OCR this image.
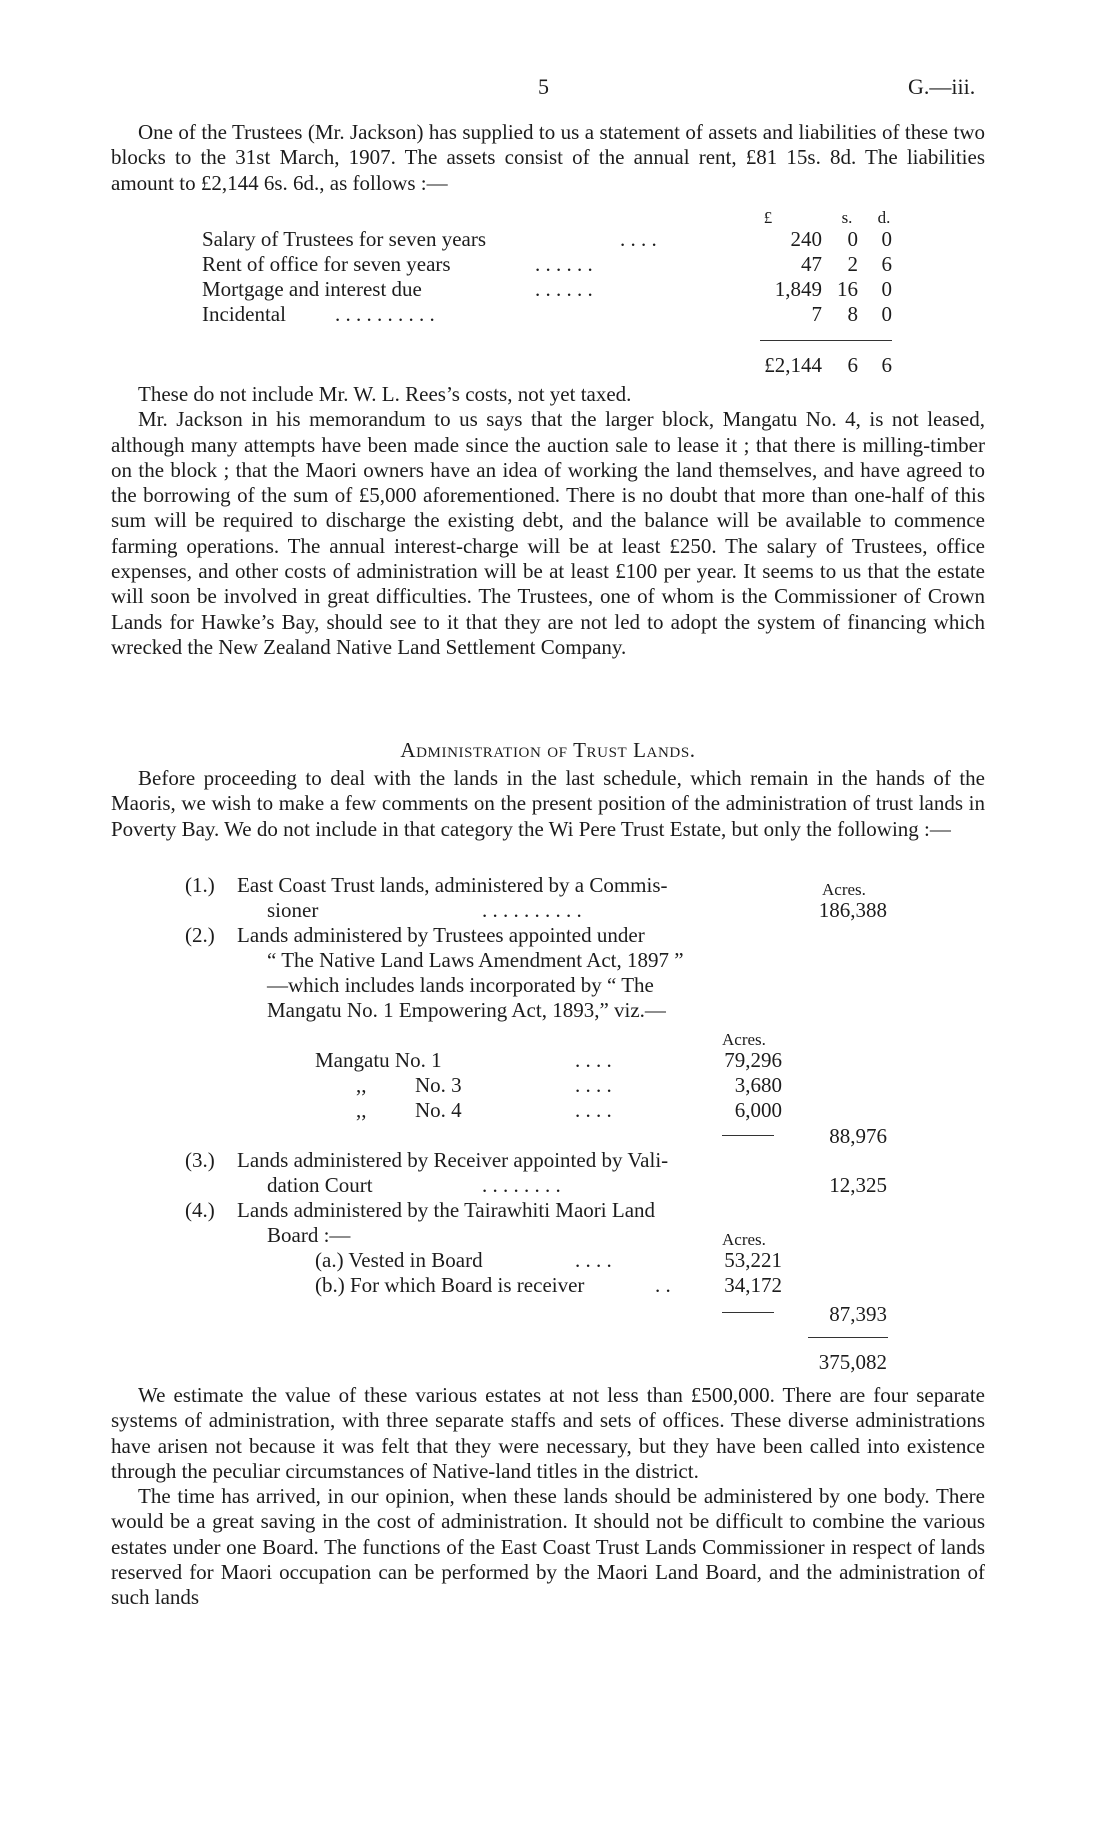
5	G.—iii.

One of the Trustees (Mr. Jackson) has supplied to us a statement of assets and liabilities of these two blocks to the 31st March, 1907. The assets consist of the annual rent, £81 15s. 8d. The liabilities amount to £2,144 6s. 6d., as follows :—

£	s.	d.
Salary of Trustees for seven years	. . . .	240	0	0
Rent of office for seven years	. . . . . .	47	2	6
Mortgage and interest due	. . . . . .	1,849 16	0
Incidental . . . . . . . . . .	7	8	0
£2,144	6	6

These do not include Mr. W. L. Rees’s costs, not yet taxed.

Mr. Jackson in his memorandum to us says that the larger block, Mangatu No. 4, is not leased, although many attempts have been made since the auction sale to lease it ; that there is milling-timber on the block ; that the Maori owners have an idea of working the land themselves, and have agreed to the borrowing of the sum of £5,000 aforementioned. There is no doubt that more than one-half of this sum will be required to discharge the existing debt, and the balance will be available to commence farming operations. The annual interest-charge will be at least £250. The salary of Trustees, office expenses, and other costs of administration will be at least £100 per year. It seems to us that the estate will soon be involved in great difficulties. The Trustees, one of whom is the Commissioner of Crown Lands for Hawke’s Bay, should see to it that they are not led to adopt the system of financing which wrecked the New Zealand Native Land Settlement Company.

Administration of Trust Lands.

Before proceeding to deal with the lands in the last schedule, which remain in the hands of the Maoris, we wish to make a few comments on the present position of the administration of trust lands in Poverty Bay. We do not include in that category the Wi Pere Trust Estate, but only the following :—

Acres.
(1.) East Coast Trust lands, administered by a Commis-
sioner	. . . . . . . . . .	186,388
(2.) Lands administered by Trustees appointed under
“ The Native Land Laws Amendment Act, 1897 ”
—which includes lands incorporated by “ The
Mangatu No. 1 Empowering Act, 1893,” viz.—
Acres.
Mangatu No. 1	. . . .	79,296
,, No. 3	. . . .	3,680
,, No. 4	. . . .	6,000
88,976
(3.) Lands administered by Receiver appointed by Vali-
dation Court	. . . . . . . .	12,325
(4.) Lands administered by the Tairawhiti Maori Land
Board :—	Acres.
(a.) Vested in Board	. . . .	53,221
(b.) For which Board is receiver	. .	34,172
87,393
375,082

We estimate the value of these various estates at not less than £500,000. There are four separate systems of administration, with three separate staffs and sets of offices. These diverse administrations have arisen not because it was felt that they were necessary, but they have been called into existence through the peculiar circumstances of Native-land titles in the district.

The time has arrived, in our opinion, when these lands should be administered by one body. There would be a great saving in the cost of administration. It should not be difficult to combine the various estates under one Board. The functions of the East Coast Trust Lands Commissioner in respect of lands reserved for Maori occupation can be performed by the Maori Land Board, and the administration of such lands
